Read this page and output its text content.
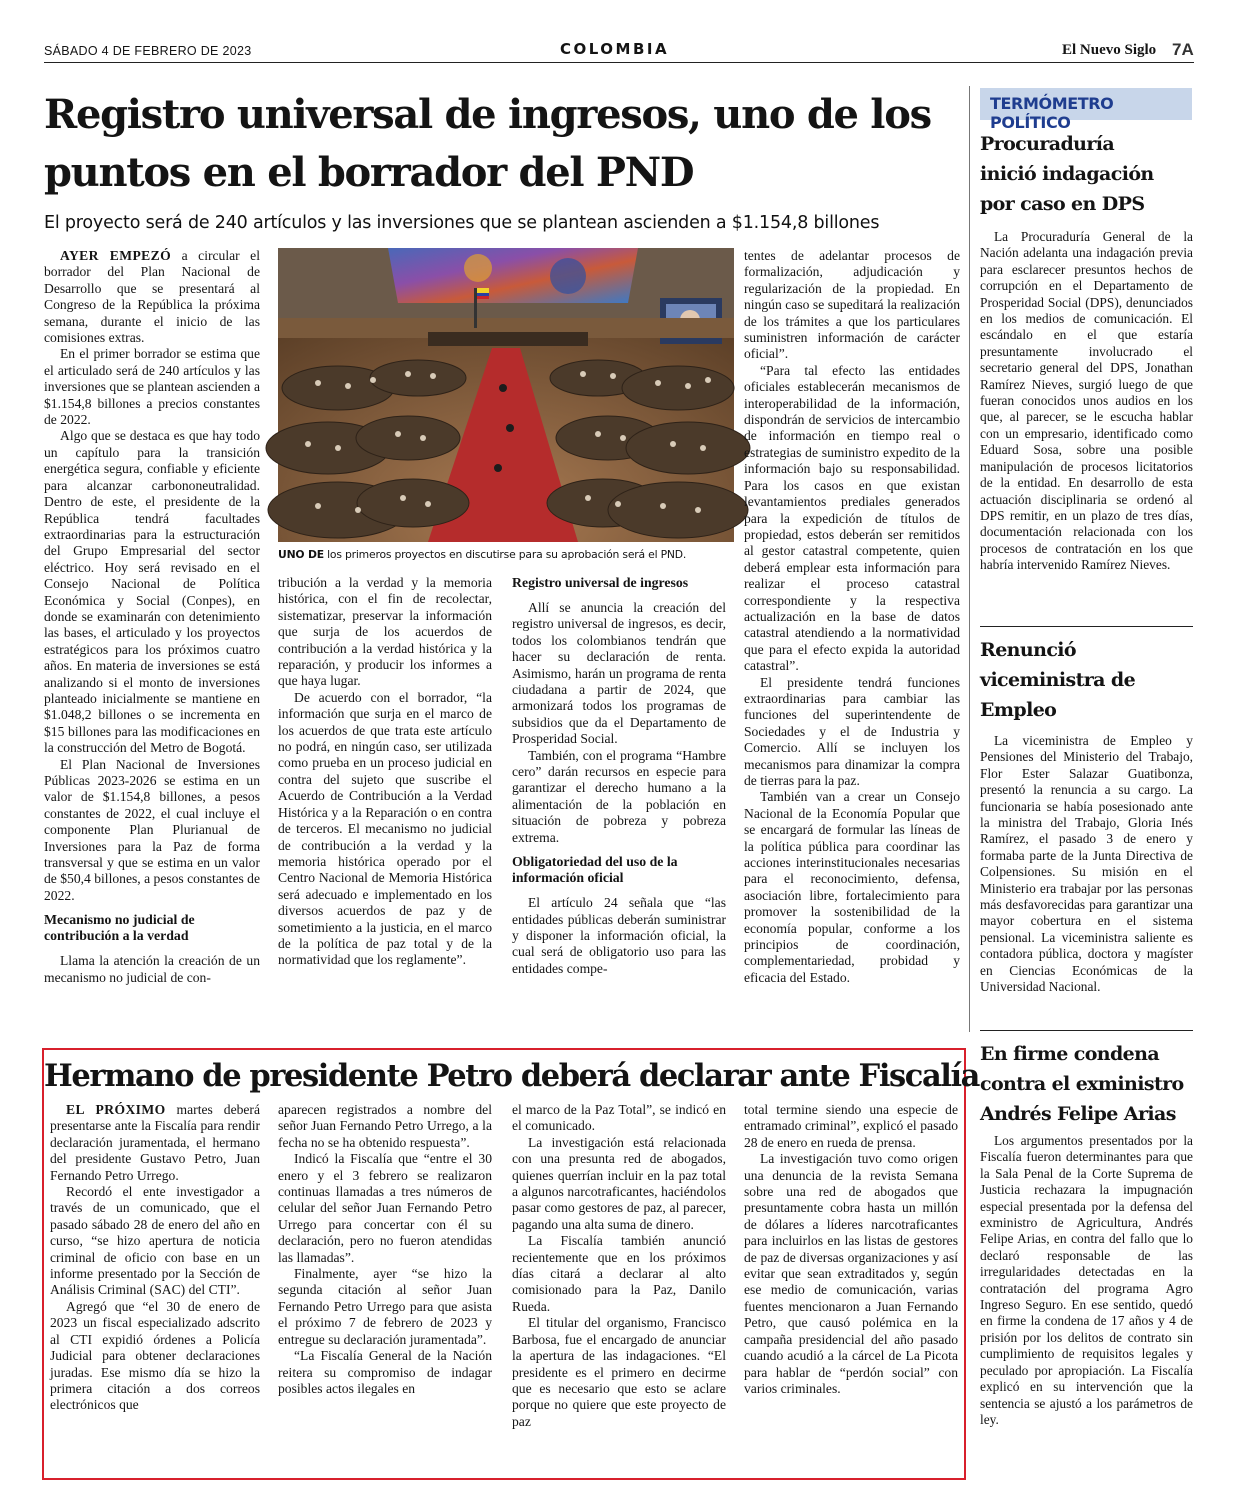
SÁBADO 4 DE FEBRERO DE 2023	COLOMBIA	El Nuevo Siglo 7A
Registro universal de ingresos, uno de los puntos en el borrador del PND

El proyecto será de 240 artículos y las inversiones que se plantean ascienden a $1.154,8 billones

AYER EMPEZÓ a circular el borrador del Plan Nacional de Desarrollo que se presentará al Congreso de la República la próxima semana, durante el inicio de las comisiones extras.

En el primer borrador se estima que el articulado será de 240 artículos y las inversiones que se plantean ascienden a $1.154,8 billones a precios constantes de 2022.

Algo que se destaca es que hay todo un capítulo para la transición energética segura, confiable y eficiente para alcanzar carbononeutralidad. Dentro de este, el presidente de la República tendrá facultades extraordinarias para la estructuración del Grupo Empresarial del sector eléctrico. Hoy será revisado en el Consejo Nacional de Política Económica y Social (Conpes), en donde se examinarán con detenimiento las bases, el articulado y los proyectos estratégicos para los próximos cuatro años. En materia de inversiones se está analizando si el monto de inversiones planteado inicialmente se mantiene en $1.048,2 billones o se incrementa en $15 billones para las modificaciones en la construcción del Metro de Bogotá.

El Plan Nacional de Inversiones Públicas 2023-2026 se estima en un valor de $1.154,8 billones, a pesos constantes de 2022, el cual incluye el componente Plan Plurianual de Inversiones para la Paz de forma transversal y que se estima en un valor de $50,4 billones, a pesos constantes de 2022.

Mecanismo no judicial de contribución a la verdad

Llama la atención la creación de un mecanismo no judicial de con-

UNO DE los primeros proyectos en discutirse para su aprobación será el PND.

tribución a la verdad y la memoria histórica, con el fin de recolectar, sistematizar, preservar la información que surja de los acuerdos de contribución a la verdad histórica y la reparación, y producir los informes a que haya lugar.

De acuerdo con el borrador, “la información que surja en el marco de los acuerdos de que trata este artículo no podrá, en ningún caso, ser utilizada como prueba en un proceso judicial en contra del sujeto que suscribe el Acuerdo de Contribución a la Verdad Histórica y a la Reparación o en contra de terceros. El mecanismo no judicial de contribución a la verdad y la memoria histórica operado por el Centro Nacional de Memoria Histórica será adecuado e implementado en los diversos acuerdos de paz y de sometimiento a la justicia, en el marco de la política de paz total y de la normatividad que los reglamente”.

Registro universal de ingresos

Allí se anuncia la creación del registro universal de ingresos, es decir, todos los colombianos tendrán que hacer su declaración de renta. Asimismo, harán un programa de renta ciudadana a partir de 2024, que armonizará todos los programas de subsidios que da el Departamento de Prosperidad Social.

También, con el programa “Hambre cero” darán recursos en especie para garantizar el derecho humano a la alimentación de la población en situación de pobreza y pobreza extrema.

Obligatoriedad del uso de la información oficial

El artículo 24 señala que “las entidades públicas deberán suministrar y disponer la información oficial, la cual será de obligatorio uso para las entidades compe-

tentes de adelantar procesos de formalización, adjudicación y regularización de la propiedad. En ningún caso se supeditará la realización de los trámites a que los particulares suministren información de carácter oficial”.

“Para tal efecto las entidades oficiales establecerán mecanismos de interoperabilidad de la información, dispondrán de servicios de intercambio de información en tiempo real o estrategias de suministro expedito de la información bajo su responsabilidad. Para los casos en que existan levantamientos prediales generados para la expedición de títulos de propiedad, estos deberán ser remitidos al gestor catastral competente, quien deberá emplear esta información para realizar el proceso catastral correspondiente y la respectiva actualización en la base de datos catastral atendiendo a la normatividad que para el efecto expida la autoridad catastral”.

El presidente tendrá funciones extraordinarias para cambiar las funciones del superintendente de Sociedades y el de Industria y Comercio. Allí se incluyen los mecanismos para dinamizar la compra de tierras para la paz.

También van a crear un Consejo Nacional de la Economía Popular que se encargará de formular las líneas de la política pública para coordinar las acciones interinstitucionales necesarias para el reconocimiento, defensa, asociación libre, fortalecimiento para promover la sostenibilidad de la economía popular, conforme a los principios de coordinación, complementariedad, probidad y eficacia del Estado.

TERMÓMETRO POLÍTICO
Procuraduría inició indagación por caso en DPS

La Procuraduría General de la Nación adelanta una indagación previa para esclarecer presuntos hechos de corrupción en el Departamento de Prosperidad Social (DPS), denunciados en los medios de comunicación. El escándalo en el que estaría presuntamente involucrado el secretario general del DPS, Jonathan Ramírez Nieves, surgió luego de que fueran conocidos unos audios en los que, al parecer, se le escucha hablar con un empresario, identificado como Eduard Sosa, sobre una posible manipulación de procesos licitatorios de la entidad. En desarrollo de esta actuación disciplinaria se ordenó al DPS remitir, en un plazo de tres días, documentación relacionada con los procesos de contratación en los que habría intervenido Ramírez Nieves.

Renunció viceministra de Empleo

La viceministra de Empleo y Pensiones del Ministerio del Trabajo, Flor Ester Salazar Guatibonza, presentó la renuncia a su cargo. La funcionaria se había posesionado ante la ministra del Trabajo, Gloria Inés Ramírez, el pasado 3 de enero y formaba parte de la Junta Directiva de Colpensiones. Su misión en el Ministerio era trabajar por las personas más desfavorecidas para garantizar una mayor cobertura en el sistema pensional. La viceministra saliente es contadora pública, doctora y magíster en Ciencias Económicas de la Universidad Nacional.

En firme condena contra el exministro Andrés Felipe Arias

Los argumentos presentados por la Fiscalía fueron determinantes para que la Sala Penal de la Corte Suprema de Justicia rechazara la impugnación especial presentada por la defensa del exministro de Agricultura, Andrés Felipe Arias, en contra del fallo que lo declaró responsable de las irregularidades detectadas en la contratación del programa Agro Ingreso Seguro. En ese sentido, quedó en firme la condena de 17 años y 4 de prisión por los delitos de contrato sin cumplimiento de requisitos legales y peculado por apropiación. La Fiscalía explicó en su intervención que la sentencia se ajustó a los parámetros de ley.

Hermano de presidente Petro deberá declarar ante Fiscalía

EL PRÓXIMO martes deberá presentarse ante la Fiscalía para rendir declaración juramentada, el hermano del presidente Gustavo Petro, Juan Fernando Petro Urrego.

Recordó el ente investigador a través de un comunicado, que el pasado sábado 28 de enero del año en curso, “se hizo apertura de noticia criminal de oficio con base en un informe presentado por la Sección de Análisis Criminal (SAC) del CTI”.

Agregó que “el 30 de enero de 2023 un fiscal especializado adscrito al CTI expidió órdenes a Policía Judicial para obtener declaraciones juradas. Ese mismo día se hizo la primera citación a dos correos electrónicos que

aparecen registrados a nombre del señor Juan Fernando Petro Urrego, a la fecha no se ha obtenido respuesta”.

Indicó la Fiscalía que “entre el 30 enero y el 3 febrero se realizaron continuas llamadas a tres números de celular del señor Juan Fernando Petro Urrego para concertar con él su declaración, pero no fueron atendidas las llamadas”.

Finalmente, ayer “se hizo la segunda citación al señor Juan Fernando Petro Urrego para que asista el próximo 7 de febrero de 2023 y entregue su declaración juramentada”.

“La Fiscalía General de la Nación reitera su compromiso de indagar posibles actos ilegales en

el marco de la Paz Total”, se indicó en el comunicado.

La investigación está relacionada con una presunta red de abogados, quienes querrían incluir en la paz total a algunos narcotraficantes, haciéndolos pasar como gestores de paz, al parecer, pagando una alta suma de dinero.

La Fiscalía también anunció recientemente que en los próximos días citará a declarar al alto comisionado para la Paz, Danilo Rueda.

El titular del organismo, Francisco Barbosa, fue el encargado de anunciar la apertura de las indagaciones. “El presidente es el primero en decirme que es necesario que esto se aclare porque no quiere que este proyecto de paz

total termine siendo una especie de entramado criminal”, explicó el pasado 28 de enero en rueda de prensa.

La investigación tuvo como origen una denuncia de la revista Semana sobre una red de abogados que presuntamente cobra hasta un millón de dólares a líderes narcotraficantes para incluirlos en las listas de gestores de paz de diversas organizaciones y así evitar que sean extraditados y, según ese medio de comunicación, varias fuentes mencionaron a Juan Fernando Petro, que causó polémica en la campaña presidencial del año pasado cuando acudió a la cárcel de La Picota para hablar de “perdón social” con varios criminales.
